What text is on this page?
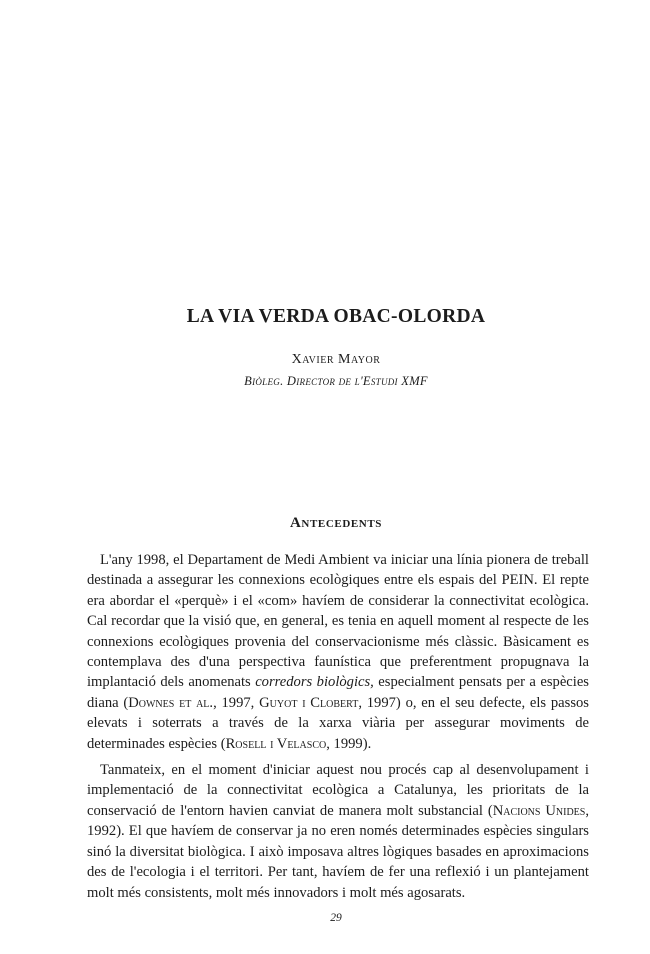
LA VIA VERDA OBAC-OLORDA
Xavier Mayor
Biòleg. Director de l'Estudi XMF
Antecedents

L'any 1998, el Departament de Medi Ambient va iniciar una línia pionera de treball destinada a assegurar les connexions ecològiques entre els espais del PEIN. El repte era abordar el «perquè» i el «com» havíem de considerar la connectivitat ecològica. Cal recordar que la visió que, en general, es tenia en aquell moment al respecte de les connexions ecològiques provenia del conservacionisme més clàssic. Bàsicament es contemplava des d'una perspectiva faunística que preferentment propugnava la implantació dels anomenats corredors biològics, especialment pensats per a espècies diana (Downes et al., 1997, Guyot i Clobert, 1997) o, en el seu defecte, els passos elevats i soterrats a través de la xarxa viària per assegurar moviments de determinades espècies (Rosell i Velasco, 1999).

Tanmateix, en el moment d'iniciar aquest nou procés cap al desenvolupament i implementació de la connectivitat ecològica a Catalunya, les prioritats de la conservació de l'entorn havien canviat de manera molt substancial (Nacions Unides, 1992). El que havíem de conservar ja no eren només determinades espècies singulars sinó la diversitat biològica. I això imposava altres lògiques basades en aproximacions des de l'ecologia i el territori. Per tant, havíem de fer una reflexió i un plantejament molt més consistents, molt més innovadors i molt més agosarats.

29
